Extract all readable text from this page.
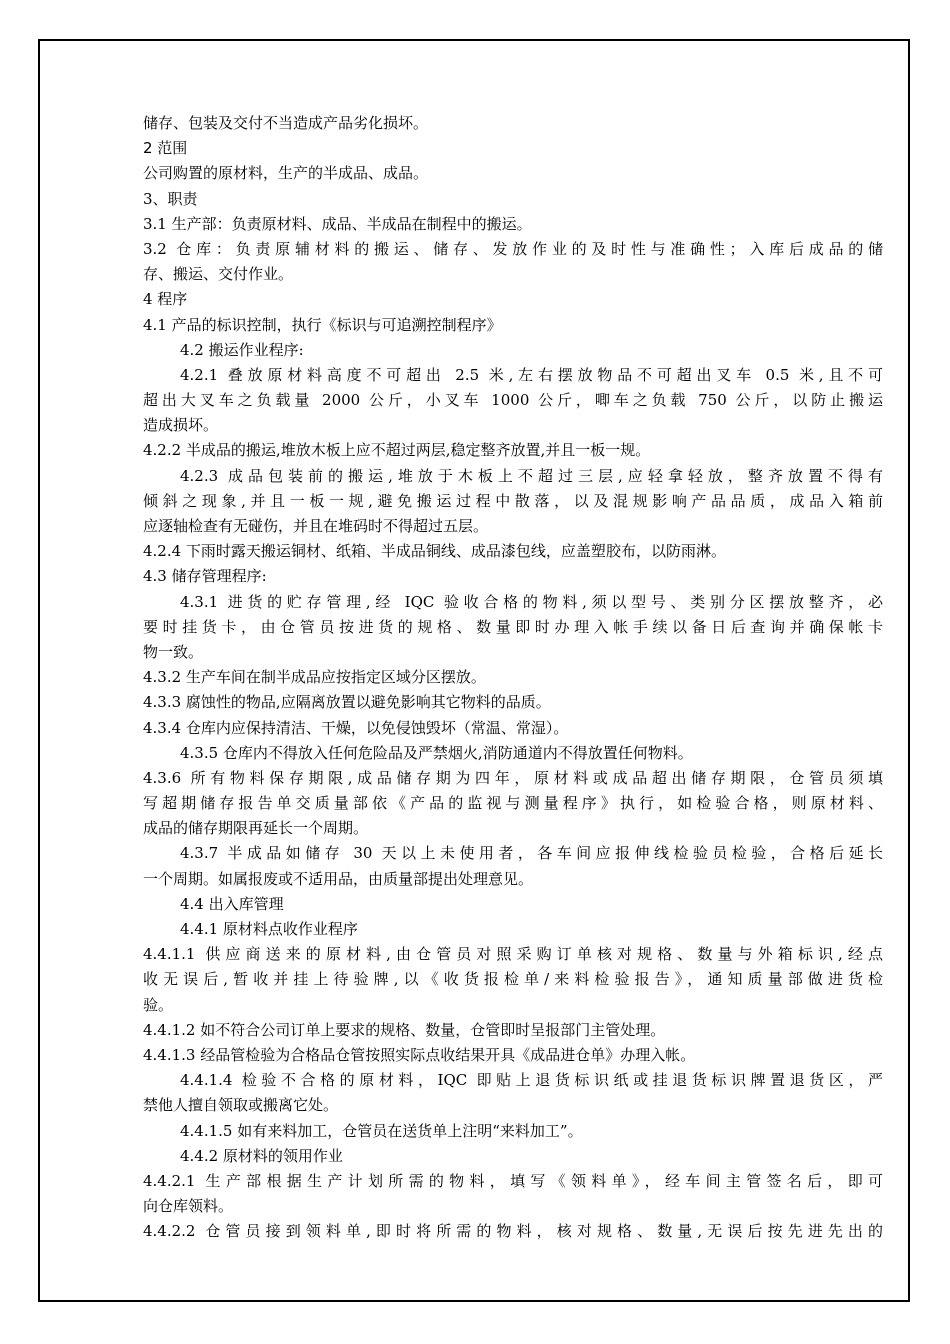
储存、包装及交付不当造成产品劣化损坏。
2 范围
公司购置的原材料，生产的半成品、成品。
3、职责
3.1 生产部：负责原材料、成品、半成品在制程中的搬运。
3.2 仓库：负责原辅材料的搬运、储存、发放作业的及时性与准确性；入库后成品的储
存、搬运、交付作业。
4 程序
4.1 产品的标识控制，执行《标识与可追溯控制程序》
4.2 搬运作业程序:
4.2.1 叠放原材料高度不可超出 2.5 米,左右摆放物品不可超出叉车 0.5 米,且不可
超出大叉车之负载量 2000 公斤，小叉车 1000 公斤，唧车之负载 750 公斤，以防止搬运
造成损坏。
4.2.2 半成品的搬运,堆放木板上应不超过两层,稳定整齐放置,并且一板一规。
4.2.3 成品包装前的搬运,堆放于木板上不超过三层,应轻拿轻放，整齐放置不得有
倾斜之现象,并且一板一规,避免搬运过程中散落，以及混规影响产品品质，成品入箱前
应逐轴检查有无碰伤，并且在堆码时不得超过五层。
4.2.4 下雨时露天搬运铜材、纸箱、半成品铜线、成品漆包线，应盖塑胶布，以防雨淋。
4.3 储存管理程序:
4.3.1 进货的贮存管理,经 IQC 验收合格的物料,须以型号、类别分区摆放整齐，必
要时挂货卡，由仓管员按进货的规格、数量即时办理入帐手续以备日后查询并确保帐卡
物一致。
4.3.2 生产车间在制半成品应按指定区域分区摆放。
4.3.3 腐蚀性的物品,应隔离放置以避免影响其它物料的品质。
4.3.4 仓库内应保持清洁、干燥，以免侵蚀毁坏（常温、常湿）。
4.3.5 仓库内不得放入任何危险品及严禁烟火,消防通道内不得放置任何物料。
4.3.6 所有物料保存期限,成品储存期为四年，原材料或成品超出储存期限，仓管员须填
写超期储存报告单交质量部依《产品的监视与测量程序》执行，如检验合格，则原材料、
成品的储存期限再延长一个周期。
4.3.7 半成品如储存 30 天以上未使用者，各车间应报伸线检验员检验，合格后延长
一个周期。如属报废或不适用品，由质量部提出处理意见。
4.4 出入库管理
4.4.1 原材料点收作业程序
4.4.1.1 供应商送来的原材料,由仓管员对照采购订单核对规格、数量与外箱标识,经点
收无误后,暂收并挂上待验牌,以《收货报检单/来料检验报告》，通知质量部做进货检
验。
4.4.1.2 如不符合公司订单上要求的规格、数量，仓管即时呈报部门主管处理。
4.4.1.3 经品管检验为合格品仓管按照实际点收结果开具《成品进仓单》办理入帐。
4.4.1.4 检验不合格的原材料，IQC 即贴上退货标识纸或挂退货标识牌置退货区，严
禁他人擅自领取或搬离它处。
4.4.1.5 如有来料加工，仓管员在送货单上注明“来料加工”。
4.4.2 原材料的领用作业
4.4.2.1 生产部根据生产计划所需的物料，填写《领料单》，经车间主管签名后，即可
向仓库领料。
4.4.2.2 仓管员接到领料单,即时将所需的物料，核对规格、数量,无误后按先进先出的
